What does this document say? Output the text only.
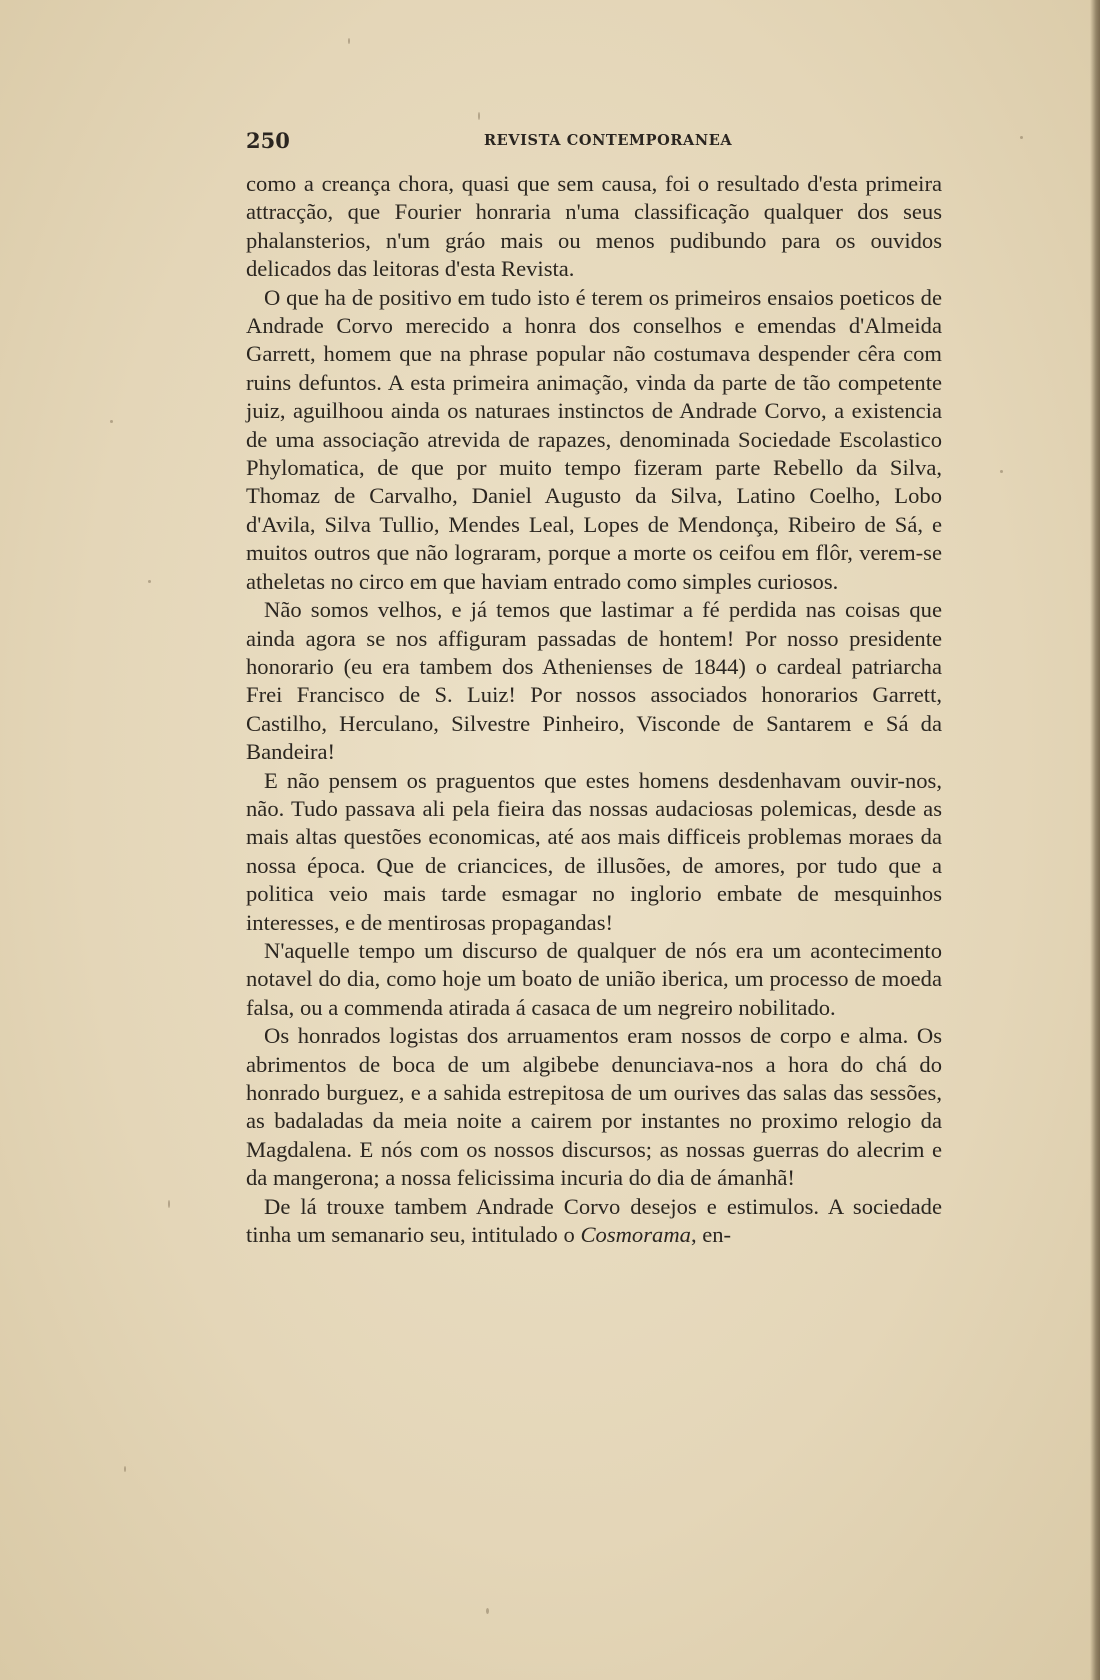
250	REVISTA CONTEMPORANEA

como a creança chora, quasi que sem causa, foi o resultado d'esta primeira attracção, que Fourier honraria n'uma classificação qualquer dos seus phalansterios, n'um gráo mais ou menos pudibundo para os ouvidos delicados das leitoras d'esta Revista.

O que ha de positivo em tudo isto é terem os primeiros ensaios poeticos de Andrade Corvo merecido a honra dos conselhos e emendas d'Almeida Garrett, homem que na phrase popular não costumava despender cêra com ruins defuntos. A esta primeira animação, vinda da parte de tão competente juiz, aguilhoou ainda os naturaes instinctos de Andrade Corvo, a existencia de uma associação atrevida de rapazes, denominada Sociedade Escolastico Phylomatica, de que por muito tempo fizeram parte Rebello da Silva, Thomaz de Carvalho, Daniel Augusto da Silva, Latino Coelho, Lobo d'Avila, Silva Tullio, Mendes Leal, Lopes de Mendonça, Ribeiro de Sá, e muitos outros que não lograram, porque a morte os ceifou em flôr, verem-se atheletas no circo em que haviam entrado como simples curiosos.

Não somos velhos, e já temos que lastimar a fé perdida nas coisas que ainda agora se nos affiguram passadas de hontem! Por nosso presidente honorario (eu era tambem dos Athenienses de 1844) o cardeal patriarcha Frei Francisco de S. Luiz! Por nossos associados honorarios Garrett, Castilho, Herculano, Silvestre Pinheiro, Visconde de Santarem e Sá da Bandeira!

E não pensem os praguentos que estes homens desdenhavam ouvir-nos, não. Tudo passava ali pela fieira das nossas audaciosas polemicas, desde as mais altas questões economicas, até aos mais difficeis problemas moraes da nossa época. Que de criancices, de illusões, de amores, por tudo que a politica veio mais tarde esmagar no inglorio embate de mesquinhos interesses, e de mentirosas propagandas!

N'aquelle tempo um discurso de qualquer de nós era um acontecimento notavel do dia, como hoje um boato de união iberica, um processo de moeda falsa, ou a commenda atirada á casaca de um negreiro nobilitado.

Os honrados logistas dos arruamentos eram nossos de corpo e alma. Os abrimentos de boca de um algibebe denunciava-nos a hora do chá do honrado burguez, e a sahida estrepitosa de um ourives das salas das sessões, as badaladas da meia noite a cairem por instantes no proximo relogio da Magdalena. E nós com os nossos discursos; as nossas guerras do alecrim e da mangerona; a nossa felicissima incuria do dia de ámanhã!

De lá trouxe tambem Andrade Corvo desejos e estimulos. A sociedade tinha um semanario seu, intitulado o Cosmorama, en-
